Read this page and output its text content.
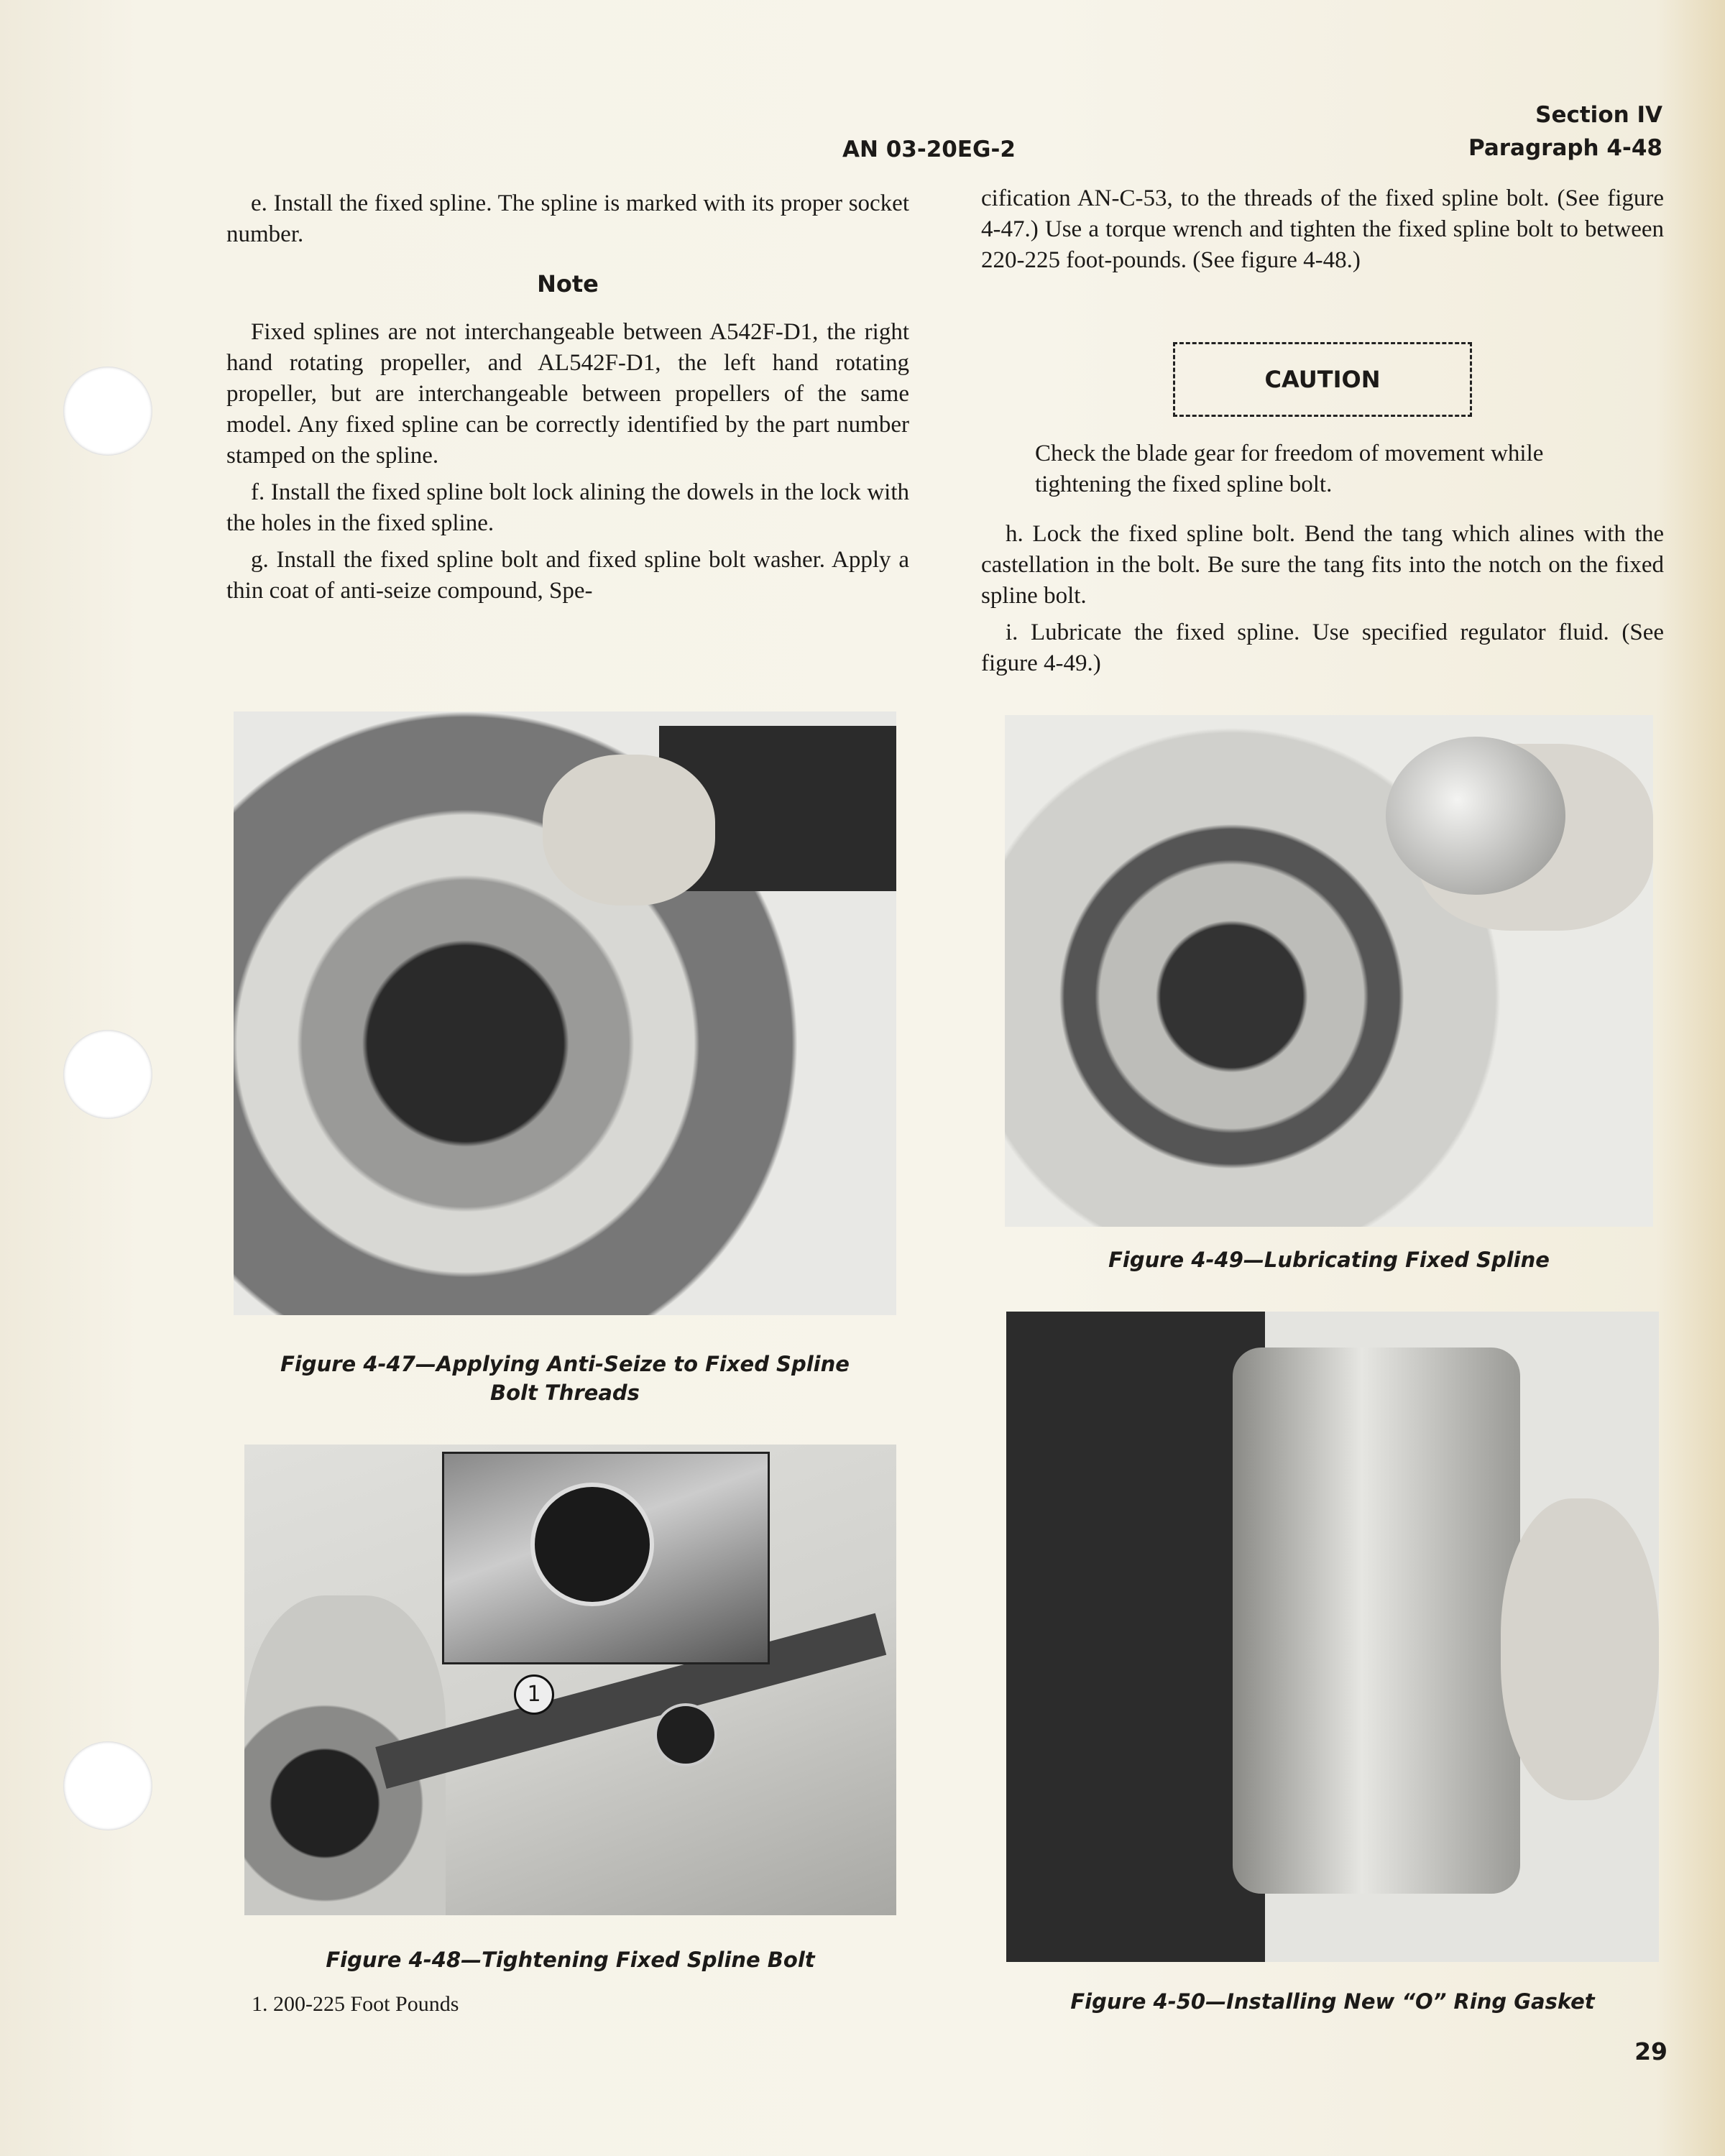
Section IV
Paragraph 4-48
AN 03-20EG-2

e. Install the fixed spline. The spline is marked with its proper socket number.

Note

Fixed splines are not interchangeable between A542F-D1, the right hand rotating propeller, and AL542F-D1, the left hand rotating propeller, but are interchangeable between propellers of the same model. Any fixed spline can be correctly identified by the part number stamped on the spline.

f. Install the fixed spline bolt lock alining the dowels in the lock with the holes in the fixed spline.

g. Install the fixed spline bolt and fixed spline bolt washer. Apply a thin coat of anti-seize compound, Spe-

cification AN-C-53, to the threads of the fixed spline bolt. (See figure 4-47.) Use a torque wrench and tighten the fixed spline bolt to between 220-225 foot-pounds. (See figure 4-48.)

CAUTION

Check the blade gear for freedom of movement while tightening the fixed spline bolt.

h. Lock the fixed spline bolt. Bend the tang which alines with the castellation in the bolt. Be sure the tang fits into the notch on the fixed spline bolt.

i. Lubricate the fixed spline. Use specified regulator fluid. (See figure 4-49.)

Figure 4-47—Applying Anti-Seize to Fixed Spline
Bolt Threads
1
Figure 4-48—Tightening Fixed Spline Bolt
1. 200-225 Foot Pounds
Figure 4-49—Lubricating Fixed Spline
Figure 4-50—Installing New “O” Ring Gasket
29
